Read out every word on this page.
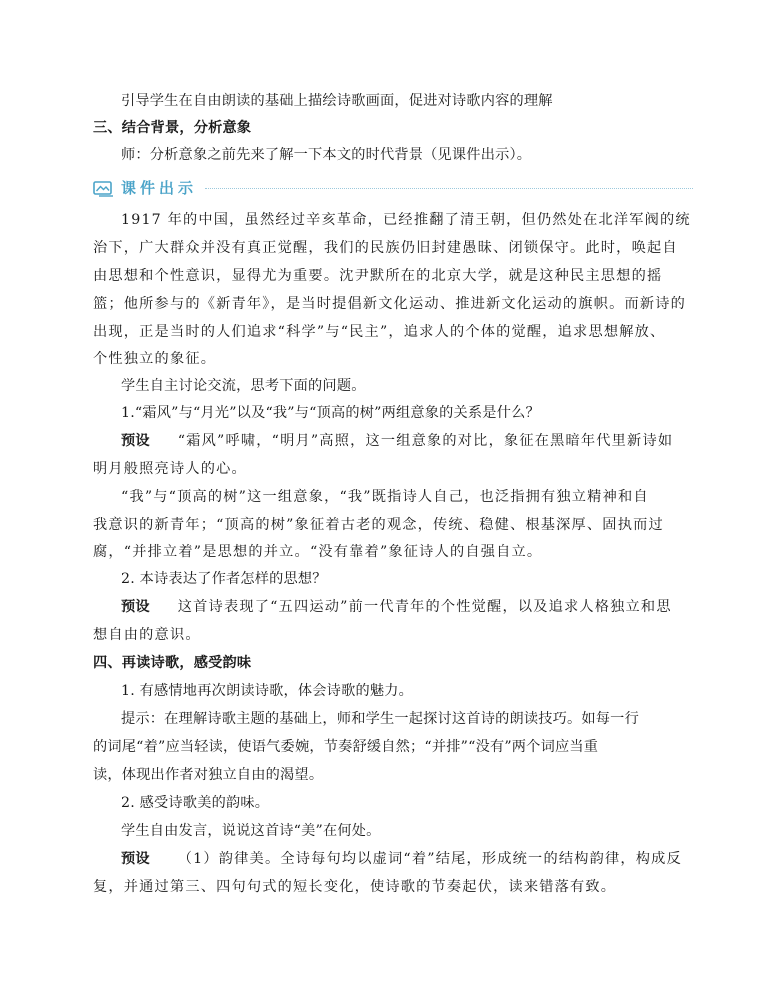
引导学生在自由朗读的基础上描绘诗歌画面，促进对诗歌内容的理解
三、结合背景，分析意象
师：分析意象之前先来了解一下本文的时代背景（见课件出示）。
课件出示
1917 年的中国，虽然经过辛亥革命，已经推翻了清王朝，但仍然处在北洋军阀的统
治下，广大群众并没有真正觉醒，我们的民族仍旧封建愚昧、闭锁保守。此时，唤起自
由思想和个性意识，显得尤为重要。沈尹默所在的北京大学，就是这种民主思想的摇
篮；他所参与的《新青年》，是当时提倡新文化运动、推进新文化运动的旗帜。而新诗的
出现，正是当时的人们追求“科学”与“民主”，追求人的个体的觉醒，追求思想解放、
个性独立的象征。
学生自主讨论交流，思考下面的问题。
1.“霜风”与“月光”以及“我”与“顶高的树”两组意象的关系是什么？
预设 “霜风”呼啸，“明月”高照，这一组意象的对比，象征在黑暗年代里新诗如
明月般照亮诗人的心。
“我”与“顶高的树”这一组意象，“我”既指诗人自己，也泛指拥有独立精神和自
我意识的新青年；“顶高的树”象征着古老的观念，传统、稳健、根基深厚、固执而过
腐，“并排立着”是思想的并立。“没有靠着”象征诗人的自强自立。
2. 本诗表达了作者怎样的思想？
预设 这首诗表现了“五四运动”前一代青年的个性觉醒，以及追求人格独立和思
想自由的意识。
四、再读诗歌，感受韵味
1. 有感情地再次朗读诗歌，体会诗歌的魅力。
提示：在理解诗歌主题的基础上，师和学生一起探讨这首诗的朗读技巧。如每一行
的词尾“着”应当轻读，使语气委婉，节奏舒缓自然；“并排”“没有”两个词应当重
读，体现出作者对独立自由的渴望。
2. 感受诗歌美的韵味。
学生自由发言，说说这首诗“美”在何处。
预设 （1）韵律美。全诗每句均以虚词“着”结尾，形成统一的结构韵律，构成反
复，并通过第三、四句句式的短长变化，使诗歌的节奏起伏，读来错落有致。
